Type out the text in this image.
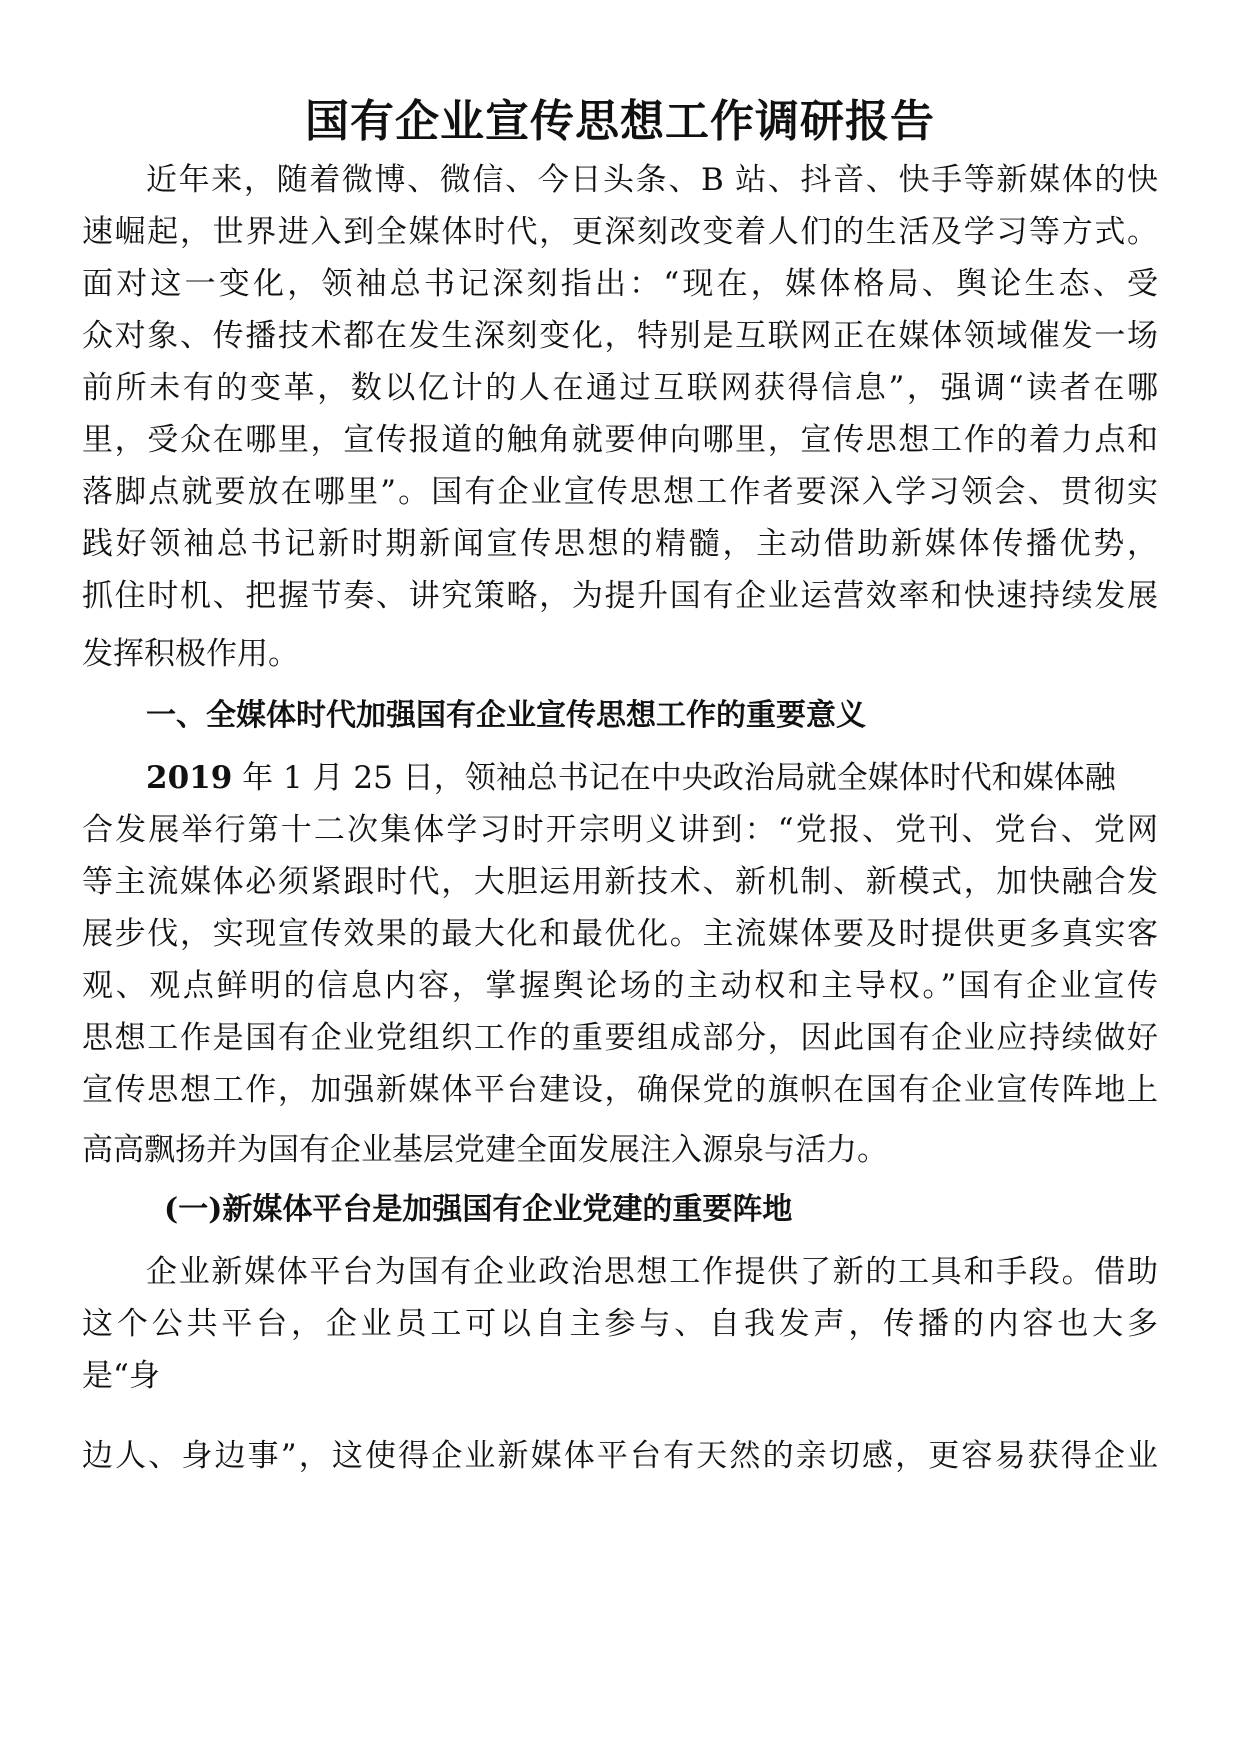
国有企业宣传思想工作调研报告

近年来，随着微博、微信、今日头条、B 站、抖音、快手等新媒体的快

速崛起，世界进入到全媒体时代，更深刻改变着人们的生活及学习等方式。

面对这一变化，领袖总书记深刻指出：“现在，媒体格局、舆论生态、受

众对象、传播技术都在发生深刻变化，特别是互联网正在媒体领域催发一场

前所未有的变革，数以亿计的人在通过互联网获得信息”，强调“读者在哪

里，受众在哪里，宣传报道的触角就要伸向哪里，宣传思想工作的着力点和

落脚点就要放在哪里”。国有企业宣传思想工作者要深入学习领会、贯彻实

践好领袖总书记新时期新闻宣传思想的精髓，主动借助新媒体传播优势，

抓住时机、把握节奏、讲究策略，为提升国有企业运营效率和快速持续发展

发挥积极作用。

一、全媒体时代加强国有企业宣传思想工作的重要意义

2019 年 1 月 25 日，领袖总书记在中央政治局就全媒体时代和媒体融

合发展举行第十二次集体学习时开宗明义讲到：“党报、党刊、党台、党网

等主流媒体必须紧跟时代，大胆运用新技术、新机制、新模式，加快融合发

展步伐，实现宣传效果的最大化和最优化。主流媒体要及时提供更多真实客

观、观点鲜明的信息内容，掌握舆论场的主动权和主导权。”国有企业宣传

思想工作是国有企业党组织工作的重要组成部分，因此国有企业应持续做好

宣传思想工作，加强新媒体平台建设，确保党的旗帜在国有企业宣传阵地上

高高飘扬并为国有企业基层党建全面发展注入源泉与活力。

(一)新媒体平台是加强国有企业党建的重要阵地

企业新媒体平台为国有企业政治思想工作提供了新的工具和手段。借助

这个公共平台，企业员工可以自主参与、自我发声，传播的内容也大多

是“身

边人、身边事”，这使得企业新媒体平台有天然的亲切感，更容易获得企业
